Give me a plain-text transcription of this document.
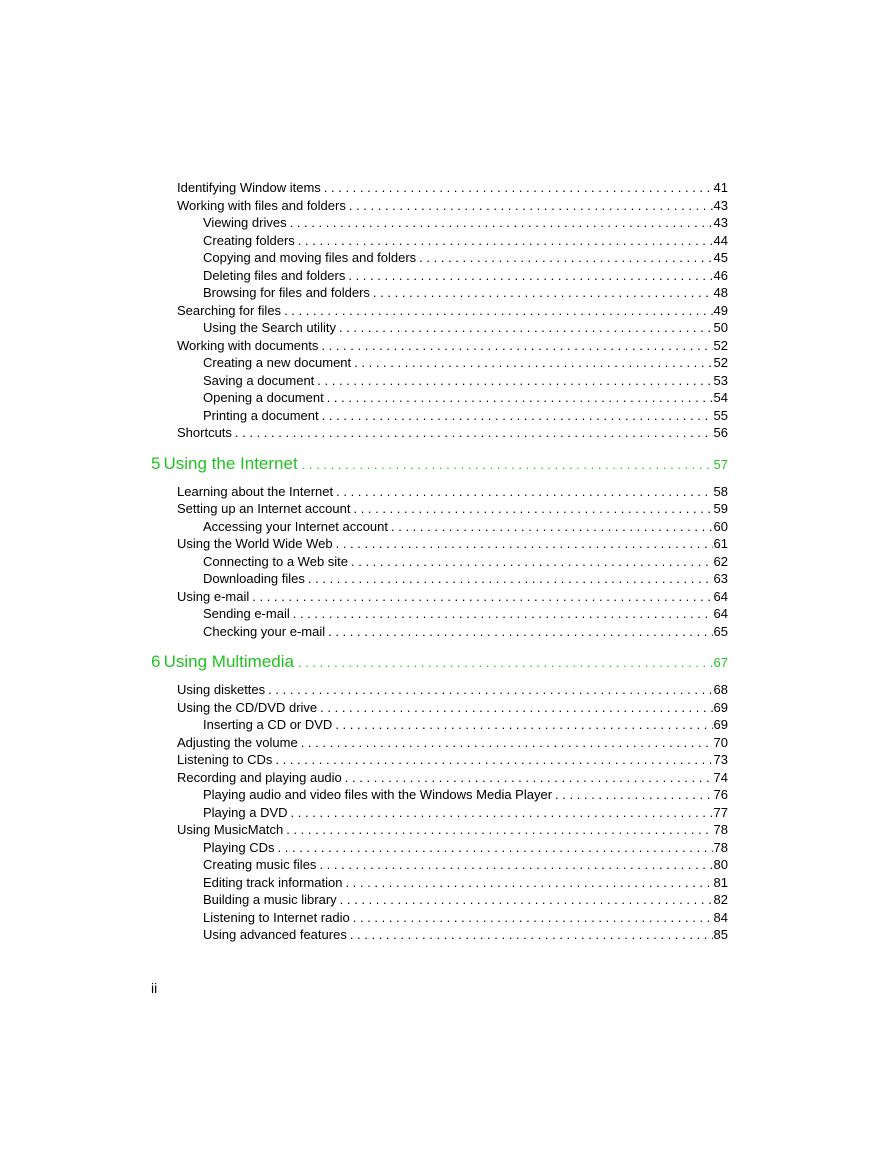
Identifying Window items . . .	41
Working with files and folders . . .	43
Viewing drives . . .	43
Creating folders . . .	44
Copying and moving files and folders . . .	45
Deleting files and folders . . .	46
Browsing for files and folders . . .	48
Searching for files . . .	49
Using the Search utility . . .	50
Working with documents . . .	52
Creating a new document . . .	52
Saving a document . . .	53
Opening a document . . .	54
Printing a document . . .	55
Shortcuts . . .	56
5 Using the Internet . . .	57
Learning about the Internet . . .	58
Setting up an Internet account . . .	59
Accessing your Internet account . . .	60
Using the World Wide Web . . .	61
Connecting to a Web site . . .	62
Downloading files . . .	63
Using e-mail . . .	64
Sending e-mail . . .	64
Checking your e-mail . . .	65
6 Using Multimedia . . .	67
Using diskettes . . .	68
Using the CD/DVD drive . . .	69
Inserting a CD or DVD . . .	69
Adjusting the volume . . .	70
Listening to CDs . . .	73
Recording and playing audio . . .	74
Playing audio and video files with the Windows Media Player . . .	76
Playing a DVD . . .	77
Using MusicMatch . . .	78
Playing CDs . . .	78
Creating music files . . .	80
Editing track information . . .	81
Building a music library . . .	82
Listening to Internet radio . . .	84
Using advanced features . . .	85
ii
